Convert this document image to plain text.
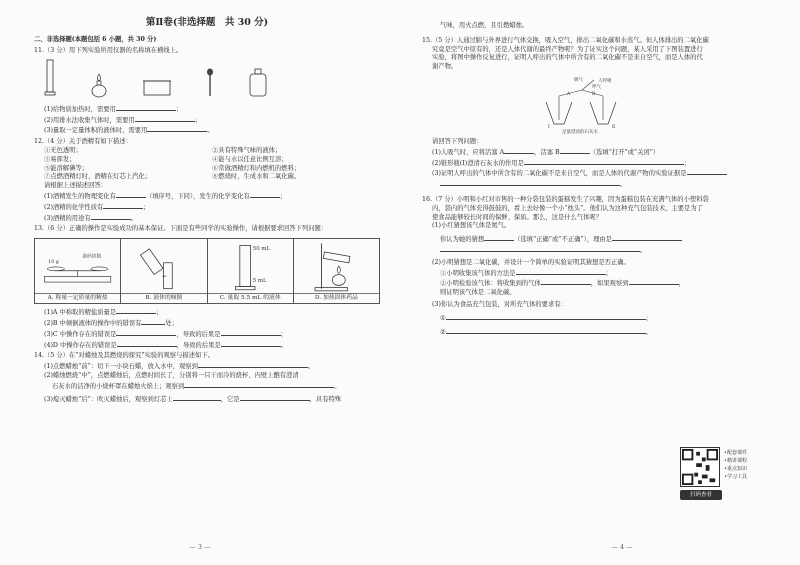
第Ⅱ卷(非选择题　共 30 分)
二、非选择题(本题包括 6 小题，共 30 分)
11.（3 分）用下列实验所用仪器的名称填在横线上。
(1)给物质加热时，需要用	；
(2)用排水法收集气体时，需要用	；
(3)量取一定量体积的液体时，需要用	。
12.（4 分）关于酒精有如下描述：
①无色透明；	②具有特殊气味的液体；
③易挥发；	④能与水以任意比例互溶；
⑤能溶解碘等；	⑥常做酒精灯和内燃机的燃料；
⑦点燃酒精灯时，酒精在灯芯上汽化；	⑧燃烧时，生成水和二氧化碳。
请根据上述描述回答：
(1)酒精发生的物理变化有	（填序号，下同），发生的化学变化有	；
(2)酒精的化学性质有	；
(3)酒精的用途有	。
13.（6 分）正确的操作是实验成功的基本保证。下面是有些同学的实验操作，请根据要求回答下列问题：
10 g
游码读数
A. 称量一定质量的精盐	B. 液体的倾倒
50 mL
5 mL
C. 量取 5.5 mL 的液体	D. 加热固体药品
(1)A 中称取的精盐质量是	；
(2)B 中倾倒液体的操作中的错误有	处；
(3)C 中操作存在的错误是	，导致的后果是	；
(4)D 中操作存在的错误是	，导致的后果是	。
14.（5 分）在“对蜡烛及其燃烧的探究”实验的观察与描述如下。
(1)点燃蜡烛“前”：切下一小块石蜡，放入水中，观察到	。
(2)蜡烛燃烧“中”，点燃蜡烛后，点燃时间长了，分别将一只干而冷的烧杯、内壁上醮有澄清
石灰水的洁净的小烧杯罩在蜡烛火焰上；观察到	。
(3)熄灭蜡烛“后”：吹灭蜡烛后，观察到灯芯上	，它是	，具有特殊
— 3 —
气味，用火点燃，且引燃蜡烛。
15.（5 分）人通过肺与外界进行气体交换，吸入空气，排出二氧化碳和水蒸气。但人体排出的二氧化碳
究竟是空气中原有的，还是人体代谢的最终产物呢？为了证实这个问题，某人采用了下图装置进行
实验，将图中操作反复进行，证明人呼出的气体中所含有的二氧化碳不是来自空气，而是人体的代
谢产物。
吸气	人呼吸
呼气
A	B
Ⅰ	Ⅱ
足量澄清的石灰水
请回答下列问题：
(1)人吸气时，应将活塞 A	，活塞 B	（选填“打开”或“关闭”）
(2)锥形瓶(Ⅰ)澄清石灰水的作用是	；
(3)证明人呼出的气体中所含有的二氧化碳不是来自空气，而是人体的代谢产物的实验证据是
。
16.（7 分）小明和小红对市售的一种分袋包装的蛋糕发生了兴趣，因为蛋糕包装在充满气体的小塑料袋
内，袋内的气体充得鼓鼓的，看上去好像一个小“枕头”。他们认为这种充气包装技术，主要是为了
使食品能够较长时间的保鲜、保质。那么，这是什么气体呢？
(1)小红猜想该气体是氮气。
你认为她的猜想	（选填“正确”或“不正确”），理由是
。
(2)小明猜想是二氧化碳，并设计一个简单的实验证明其猜想是否正确。
①小明收集该气体的方法是	；
②小明检验该气体：将收集到的气体	，如果观察到	，
则证明该气体是二氧化碳。
(3)你认为食品充气包装，对所充气体的要求有：
①	；
②	。
•配套课件
•精讲课程
•重点知识
•学习工具
扫码查看
— 4 —
